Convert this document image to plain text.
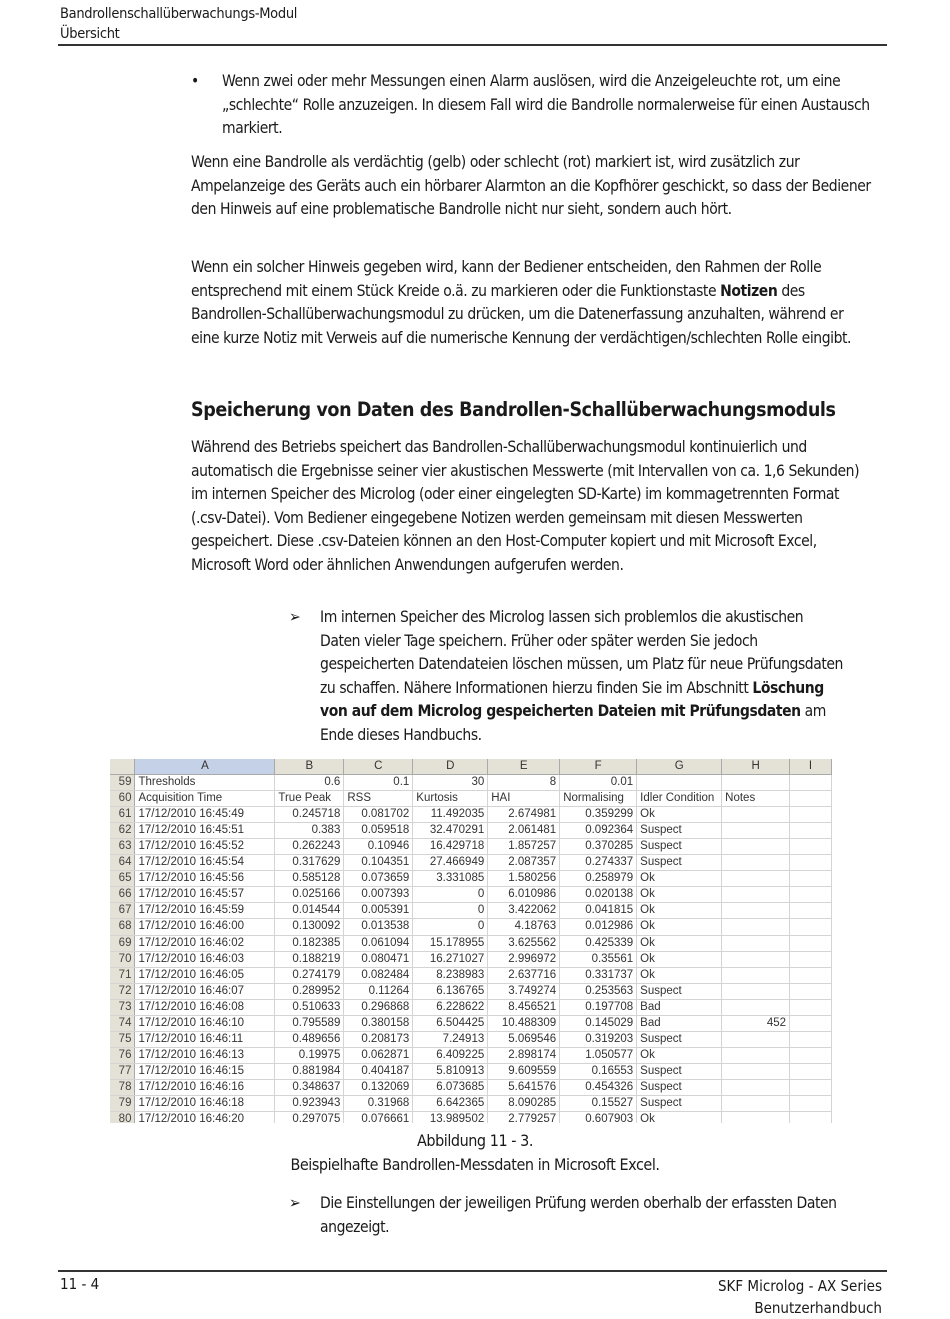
Bandrollenschallüberwachungs-Modul
Übersicht
•	Wenn zwei oder mehr Messungen einen Alarm auslösen, wird die Anzeigeleuchte rot, um eine „schlechte“ Rolle anzuzeigen. In diesem Fall wird die Bandrolle normalerweise für einen Austausch markiert.

Wenn eine Bandrolle als verdächtig (gelb) oder schlecht (rot) markiert ist, wird zusätzlich zur Ampelanzeige des Geräts auch ein hörbarer Alarmton an die Kopfhörer geschickt, so dass der Bediener den Hinweis auf eine problematische Bandrolle nicht nur sieht, sondern auch hört.

Wenn ein solcher Hinweis gegeben wird, kann der Bediener entscheiden, den Rahmen der Rolle entsprechend mit einem Stück Kreide o.ä. zu markieren oder die Funktionstaste Notizen des Bandrollen-Schallüberwachungsmodul zu drücken, um die Datenerfassung anzuhalten, während er eine kurze Notiz mit Verweis auf die numerische Kennung der verdächtigen/schlechten Rolle eingibt.

Speicherung von Daten des Bandrollen-Schallüberwachungsmoduls

Während des Betriebs speichert das Bandrollen-Schallüberwachungsmodul kontinuierlich und automatisch die Ergebnisse seiner vier akustischen Messwerte (mit Intervallen von ca. 1,6 Sekunden) im internen Speicher des Microlog (oder einer eingelegten SD-Karte) im kommagetrennten Format (.csv-Datei). Vom Bediener eingegebene Notizen werden gemeinsam mit diesen Messwerten gespeichert. Diese .csv-Dateien können an den Host-Computer kopiert und mit Microsoft Excel, Microsoft Word oder ähnlichen Anwendungen aufgerufen werden.

➢	Im internen Speicher des Microlog lassen sich problemlos die akustischen Daten vieler Tage speichern. Früher oder später werden Sie jedoch gespeicherten Datendateien löschen müssen, um Platz für neue Prüfungsdaten zu schaffen. Nähere Informationen hierzu finden Sie im Abschnitt Löschung von auf dem Microlog gespeicherten Dateien mit Prüfungsdaten am Ende dieses Handbuchs.
	A	B	C	D	E	F	G	H	I
59	Thresholds	0.6	0.1	30	8	0.01			
60	Acquisition Time	True Peak	RSS	Kurtosis	HAI	Normalising	Idler Condition	Notes	
61	17/12/2010 16:45:49	0.245718	0.081702	11.492035	2.674981	0.359299	Ok		
62	17/12/2010 16:45:51	0.383	0.059518	32.470291	2.061481	0.092364	Suspect		
63	17/12/2010 16:45:52	0.262243	0.10946	16.429718	1.857257	0.370285	Suspect		
64	17/12/2010 16:45:54	0.317629	0.104351	27.466949	2.087357	0.274337	Suspect		
65	17/12/2010 16:45:56	0.585128	0.073659	3.331085	1.580256	0.258979	Ok		
66	17/12/2010 16:45:57	0.025166	0.007393	0	6.010986	0.020138	Ok		
67	17/12/2010 16:45:59	0.014544	0.005391	0	3.422062	0.041815	Ok		
68	17/12/2010 16:46:00	0.130092	0.013538	0	4.18763	0.012986	Ok		
69	17/12/2010 16:46:02	0.182385	0.061094	15.178955	3.625562	0.425339	Ok		
70	17/12/2010 16:46:03	0.188219	0.080471	16.271027	2.996972	0.35561	Ok		
71	17/12/2010 16:46:05	0.274179	0.082484	8.238983	2.637716	0.331737	Ok		
72	17/12/2010 16:46:07	0.289952	0.11264	6.136765	3.749274	0.253563	Suspect		
73	17/12/2010 16:46:08	0.510633	0.296868	6.228622	8.456521	0.197708	Bad		
74	17/12/2010 16:46:10	0.795589	0.380158	6.504425	10.488309	0.145029	Bad	452	
75	17/12/2010 16:46:11	0.489656	0.208173	7.24913	5.069546	0.319203	Suspect		
76	17/12/2010 16:46:13	0.19975	0.062871	6.409225	2.898174	1.050577	Ok		
77	17/12/2010 16:46:15	0.881984	0.404187	5.810913	9.609559	0.16553	Suspect		
78	17/12/2010 16:46:16	0.348637	0.132069	6.073685	5.641576	0.454326	Suspect		
79	17/12/2010 16:46:18	0.923943	0.31968	6.642365	8.090285	0.15527	Suspect		
80	17/12/2010 16:46:20	0.297075	0.076661	13.989502	2.779257	0.607903	Ok		
Abbildung 11 - 3.
Beispielhafte Bandrollen-Messdaten in Microsoft Excel.
➢	Die Einstellungen der jeweiligen Prüfung werden oberhalb der erfassten Daten angezeigt.
11 - 4	SKF Microlog - AX Series
Benutzerhandbuch
